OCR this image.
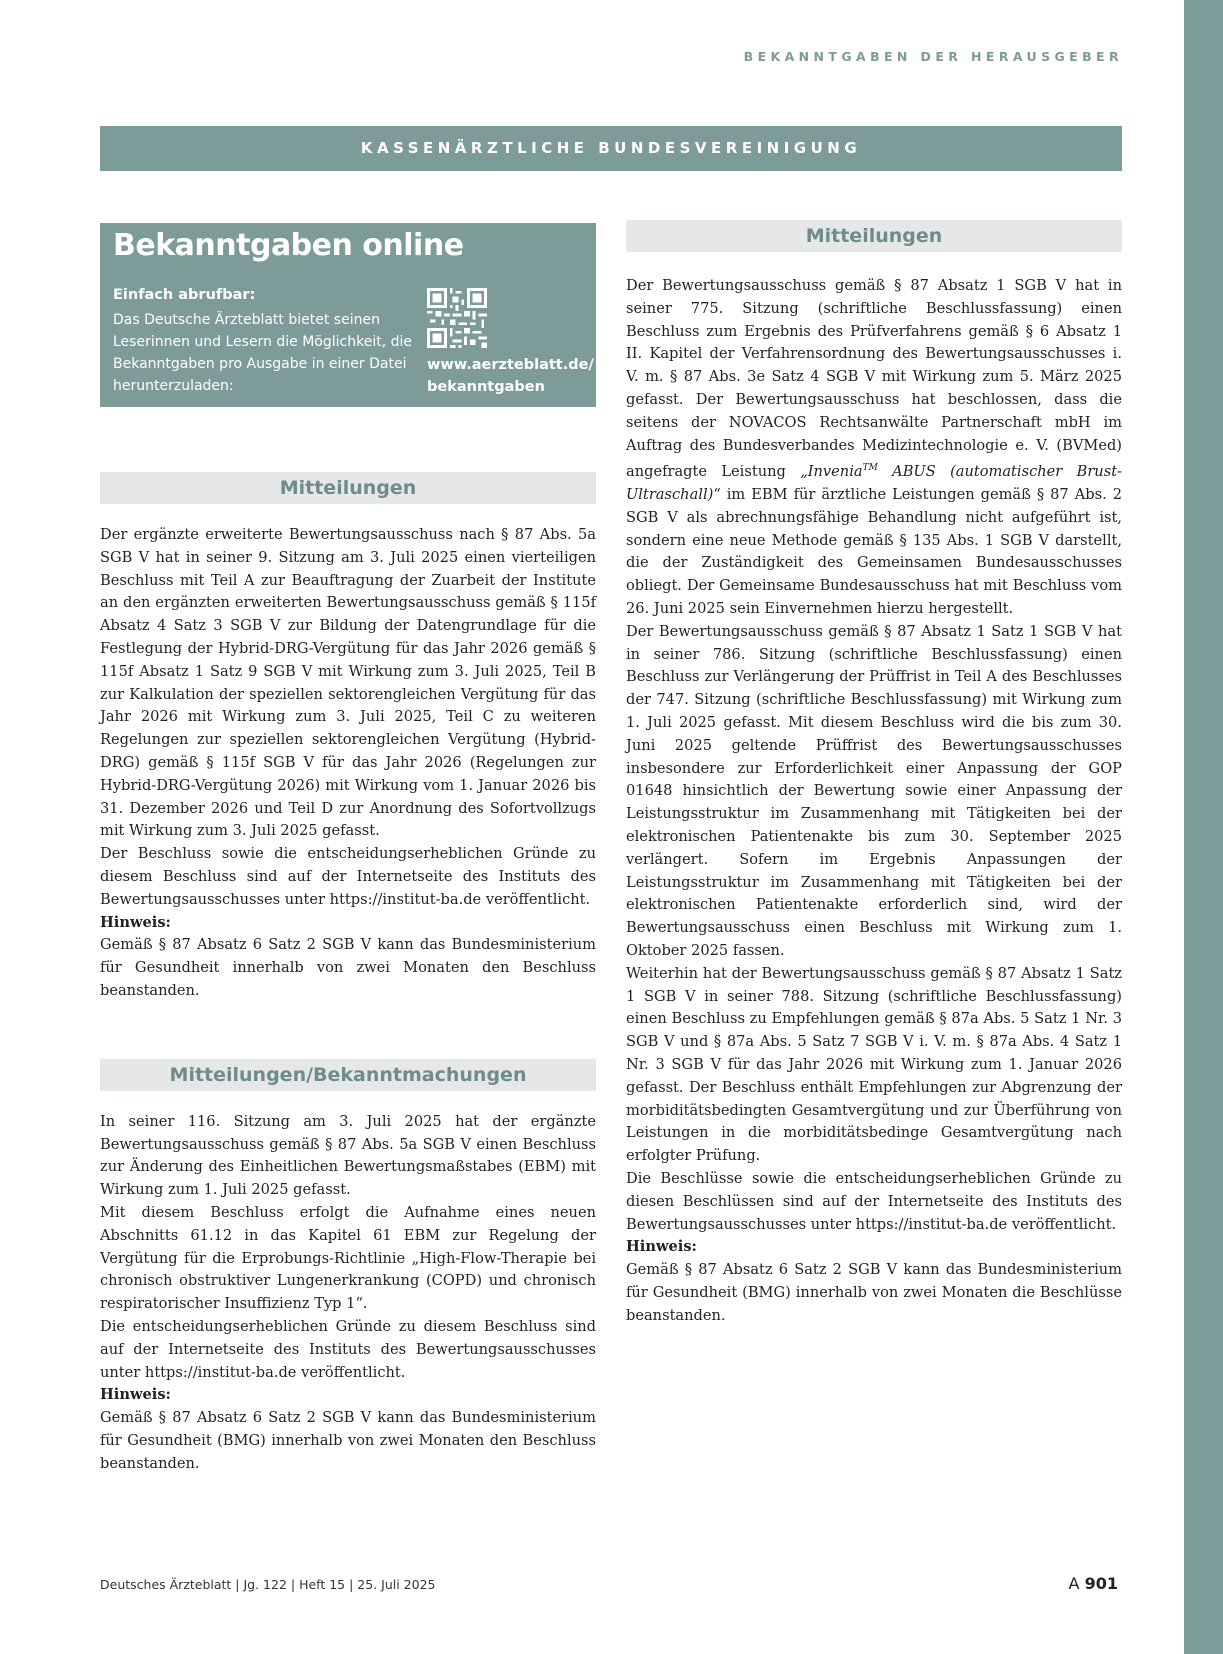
BEKANNTGABEN DER HERAUSGEBER
KASSENÄRZTLICHE BUNDESVEREINIGUNG
Bekanntgaben online
Einfach abrufbar:
Das Deutsche Ärzteblatt bietet seinen Leserinnen und Lesern die Möglichkeit, die Bekanntgaben pro Ausgabe in einer Datei herunterzuladen:
www.aerzteblatt.de/
bekanntgaben
Mitteilungen

Der ergänzte erweiterte Bewertungsausschuss nach § 87 Abs. 5a SGB V hat in seiner 9. Sitzung am 3. Juli 2025 einen vierteiligen Beschluss mit Teil A zur Beauftragung der Zuarbeit der Institute an den ergänzten erweiterten Bewertungsausschuss gemäß § 115f Absatz 4 Satz 3 SGB V zur Bildung der Datengrundlage für die Festlegung der Hybrid-DRG-Vergütung für das Jahr 2026 gemäß § 115f Absatz 1 Satz 9 SGB V mit Wirkung zum 3. Juli 2025, Teil B zur Kalkulation der speziellen sektorengleichen Vergütung für das Jahr 2026 mit Wirkung zum 3. Juli 2025, Teil C zu weiteren Regelungen zur speziellen sektorengleichen Vergütung (Hybrid-DRG) gemäß § 115f SGB V für das Jahr 2026 (Regelungen zur Hybrid-DRG-Vergütung 2026) mit Wirkung vom 1. Januar 2026 bis 31. Dezember 2026 und Teil D zur Anordnung des Sofortvollzugs mit Wirkung zum 3. Juli 2025 gefasst.

Der Beschluss sowie die entscheidungserheblichen Gründe zu diesem Beschluss sind auf der Internetseite des Instituts des Bewertungsausschusses unter https://institut-ba.de veröffentlicht.

Hinweis:

Gemäß § 87 Absatz 6 Satz 2 SGB V kann das Bundesministerium für Gesundheit innerhalb von zwei Monaten den Beschluss beanstanden.

Mitteilungen/Bekanntmachungen

In seiner 116. Sitzung am 3. Juli 2025 hat der ergänzte Bewertungsausschuss gemäß § 87 Abs. 5a SGB V einen Beschluss zur Änderung des Einheitlichen Bewertungsmaßstabes (EBM) mit Wirkung zum 1. Juli 2025 gefasst.

Mit diesem Beschluss erfolgt die Aufnahme eines neuen Abschnitts 61.12 in das Kapitel 61 EBM zur Regelung der Vergütung für die Erprobungs-Richtlinie „High-Flow-Therapie bei chronisch obstruktiver Lungenerkrankung (COPD) und chronisch respiratorischer Insuffizienz Typ 1“.

Die entscheidungserheblichen Gründe zu diesem Beschluss sind auf der Internetseite des Instituts des Bewertungsausschusses unter https://institut-ba.de veröffentlicht.

Hinweis:

Gemäß § 87 Absatz 6 Satz 2 SGB V kann das Bundesministerium für Gesundheit (BMG) innerhalb von zwei Monaten den Beschluss beanstanden.

Mitteilungen

Der Bewertungsausschuss gemäß § 87 Absatz 1 SGB V hat in seiner 775. Sitzung (schriftliche Beschlussfassung) einen Beschluss zum Ergebnis des Prüfverfahrens gemäß § 6 Absatz 1 II. Kapitel der Verfahrensordnung des Bewertungsausschusses i. V. m. § 87 Abs. 3e Satz 4 SGB V mit Wirkung zum 5. März 2025 gefasst. Der Bewertungsausschuss hat beschlossen, dass die seitens der NOVACOS Rechtsanwälte Partnerschaft mbH im Auftrag des Bundesverbandes Medizintechnologie e. V. (BVMed) angefragte Leistung „Invenia™ ABUS (automatischer Brust-Ultraschall)“ im EBM für ärztliche Leistungen gemäß § 87 Abs. 2 SGB V als abrechnungsfähige Behandlung nicht aufgeführt ist, sondern eine neue Methode gemäß § 135 Abs. 1 SGB V darstellt, die der Zuständigkeit des Gemeinsamen Bundesausschusses obliegt. Der Gemeinsame Bundesausschuss hat mit Beschluss vom 26. Juni 2025 sein Einvernehmen hierzu hergestellt.

Der Bewertungsausschuss gemäß § 87 Absatz 1 Satz 1 SGB V hat in seiner 786. Sitzung (schriftliche Beschlussfassung) einen Beschluss zur Verlängerung der Prüffrist in Teil A des Beschlusses der 747. Sitzung (schriftliche Beschlussfassung) mit Wirkung zum 1. Juli 2025 gefasst. Mit diesem Beschluss wird die bis zum 30. Juni 2025 geltende Prüffrist des Bewertungsausschusses insbesondere zur Erforderlichkeit einer Anpassung der GOP 01648 hinsichtlich der Bewertung sowie einer Anpassung der Leistungsstruktur im Zusammenhang mit Tätigkeiten bei der elektronischen Patientenakte bis zum 30. September 2025 verlängert. Sofern im Ergebnis Anpassungen der Leistungsstruktur im Zusammenhang mit Tätigkeiten bei der elektronischen Patientenakte erforderlich sind, wird der Bewertungsausschuss einen Beschluss mit Wirkung zum 1. Oktober 2025 fassen.

Weiterhin hat der Bewertungsausschuss gemäß § 87 Absatz 1 Satz 1 SGB V in seiner 788. Sitzung (schriftliche Beschlussfassung) einen Beschluss zu Empfehlungen gemäß § 87a Abs. 5 Satz 1 Nr. 3 SGB V und § 87a Abs. 5 Satz 7 SGB V i. V. m. § 87a Abs. 4 Satz 1 Nr. 3 SGB V für das Jahr 2026 mit Wirkung zum 1. Januar 2026 gefasst. Der Beschluss enthält Empfehlungen zur Abgrenzung der morbiditätsbedingten Gesamtvergütung und zur Überführung von Leistungen in die morbiditätsbedinge Gesamtvergütung nach erfolgter Prüfung.

Die Beschlüsse sowie die entscheidungserheblichen Gründe zu diesen Beschlüssen sind auf der Internetseite des Instituts des Bewertungsausschusses unter https://institut-ba.de veröffentlicht.

Hinweis:

Gemäß § 87 Absatz 6 Satz 2 SGB V kann das Bundesministerium für Gesundheit (BMG) innerhalb von zwei Monaten die Beschlüsse beanstanden.

Deutsches Ärzteblatt | Jg. 122 | Heft 15 | 25. Juli 2025	A 901
